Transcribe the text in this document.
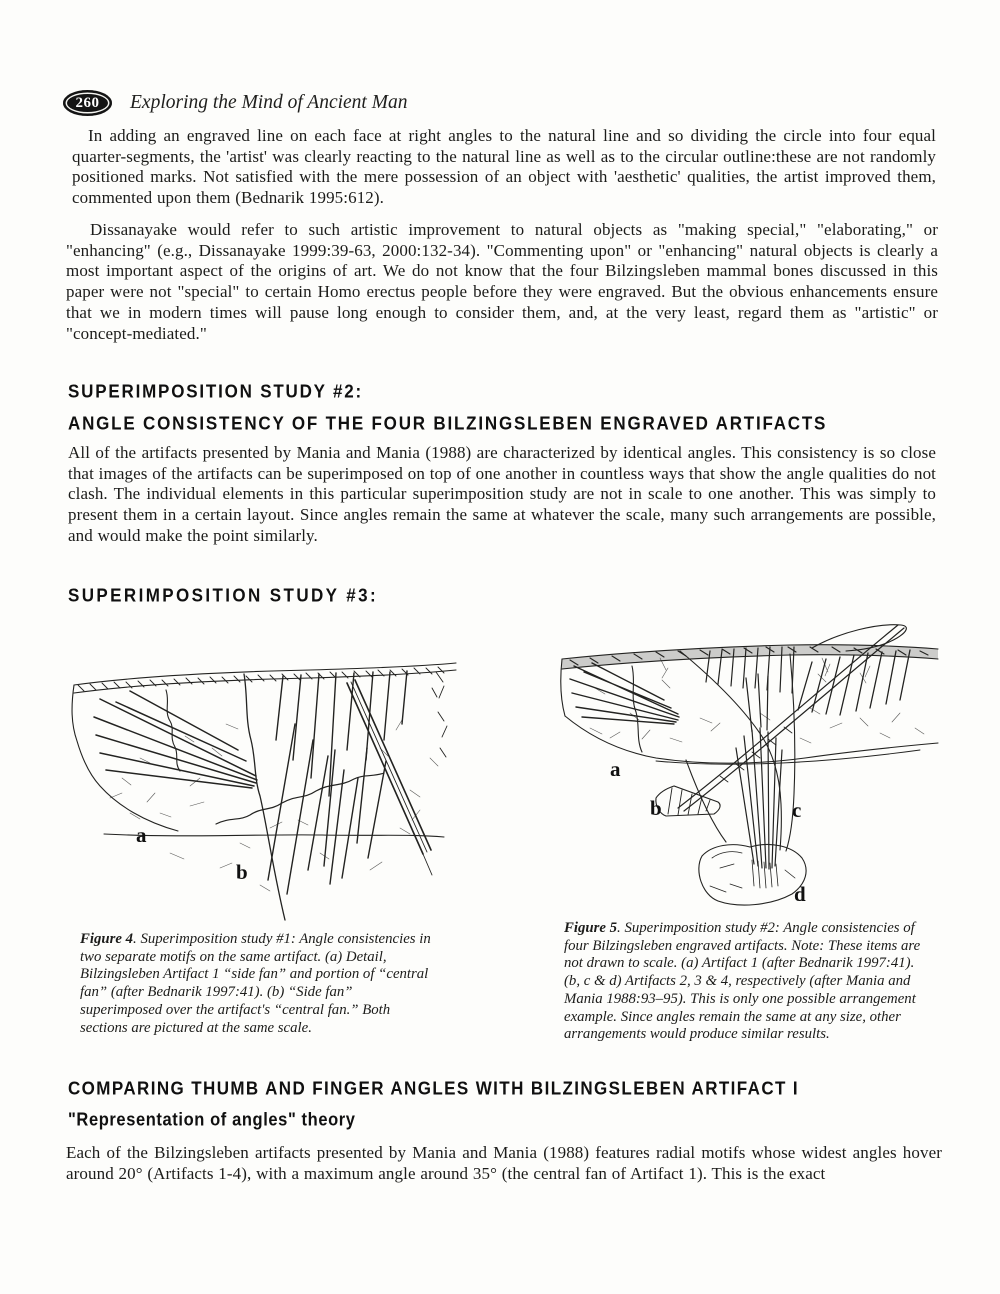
260	Exploring the Mind of Ancient Man
In adding an engraved line on each face at right angles to the natural line and so dividing the circle into four equal quarter-segments, the 'artist' was clearly reacting to the natural line as well as to the circular outline:these are not randomly positioned marks. Not satisfied with the mere possession of an object with 'aesthetic' qualities, the artist improved them, commented upon them (Bednarik 1995:612).
Dissanayake would refer to such artistic improvement to natural objects as "making special," "elaborating," or "enhancing" (e.g., Dissanayake 1999:39-63, 2000:132-34). "Commenting upon" or "enhancing" natural objects is clearly a most important aspect of the origins of art. We do not know that the four Bilzingsleben mammal bones discussed in this paper were not "special" to certain Homo erectus people before they were engraved. But the obvious enhancements ensure that we in modern times will pause long enough to consider them, and, at the very least, regard them as "artistic" or "concept-mediated."
SUPERIMPOSITION STUDY #2:
ANGLE CONSISTENCY OF THE FOUR BILZINGSLEBEN ENGRAVED ARTIFACTS
All of the artifacts presented by Mania and Mania (1988) are characterized by identical angles. This consistency is so close that images of the artifacts can be superimposed on top of one another in countless ways that show the angle qualities do not clash. The individual elements in this particular superimposition study are not in scale to one another. This was simply to present them in a certain layout. Since angles remain the same at whatever the scale, many such arrangements are possible, and would make the point similarly.
SUPERIMPOSITION STUDY #3:
a
b
a
b	c
d
Figure 4. Superimposition study #1: Angle consistencies in two separate motifs on the same artifact. (a) Detail, Bilzingsleben Artifact 1 “side fan” and portion of “central fan” (after Bednarik 1997:41). (b) “Side fan” superimposed over the artifact's “central fan.” Both sections are pictured at the same scale.
Figure 5. Superimposition study #2: Angle consistencies of four Bilzingsleben engraved artifacts. Note: These items are not drawn to scale. (a) Artifact 1 (after Bednarik 1997:41). (b, c & d) Artifacts 2, 3 & 4, respectively (after Mania and Mania 1988:93–95). This is only one possible arrangement example. Since angles remain the same at any size, other arrangements would produce similar results.
COMPARING THUMB AND FINGER ANGLES WITH BILZINGSLEBEN ARTIFACT I
"Representation of angles" theory
Each of the Bilzingsleben artifacts presented by Mania and Mania (1988) features radial motifs whose widest angles hover around 20° (Artifacts 1-4), with a maximum angle around 35° (the central fan of Artifact 1). This is the exact
